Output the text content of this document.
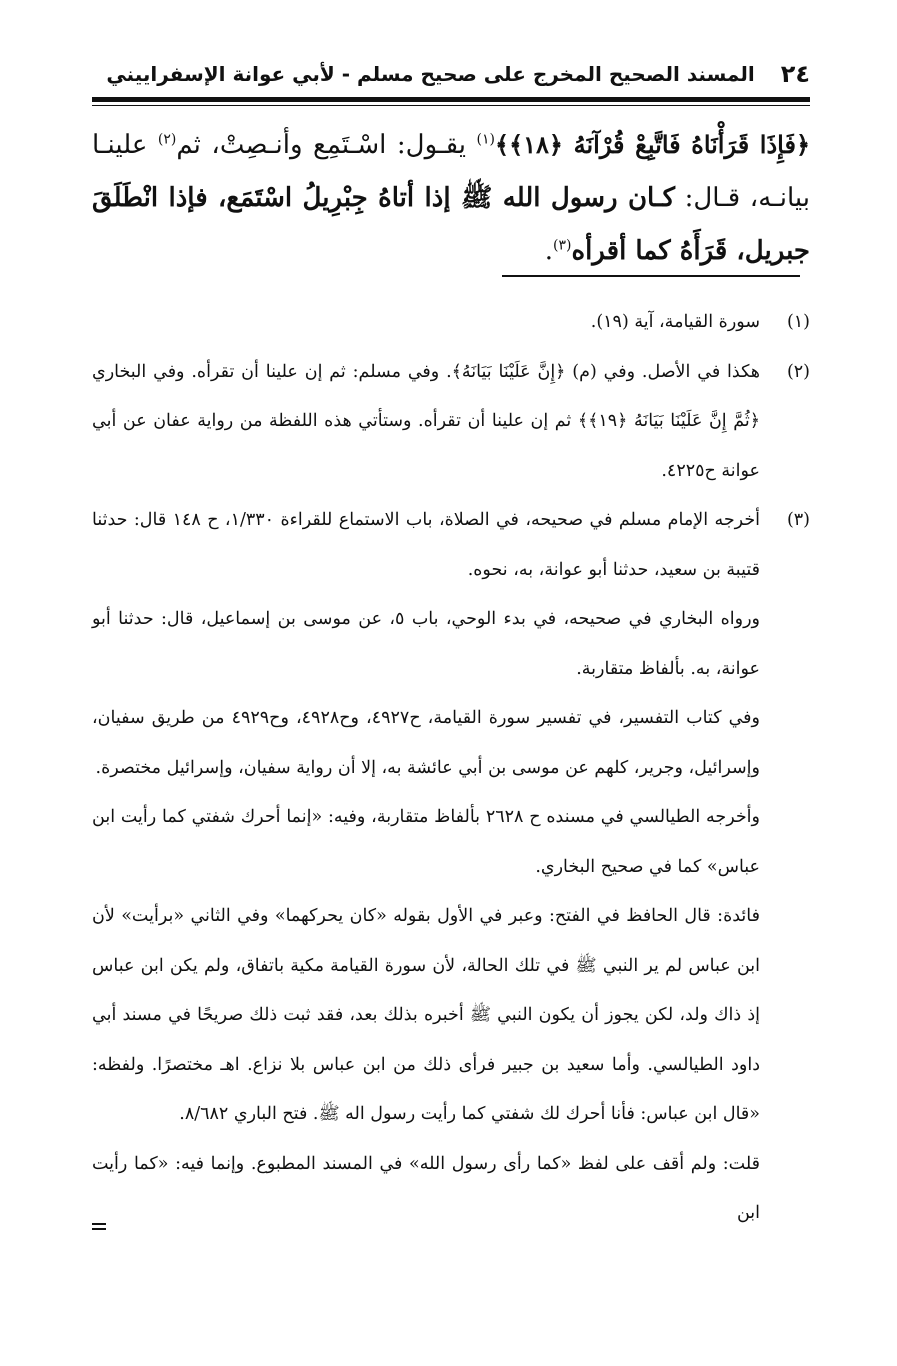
٢٤
المسند الصحيح المخرج على صحيح مسلم - لأبي عوانة الإسفراييني
﴿فَإِذَا قَرَأْنَاهُ فَاتَّبِعْ قُرْآنَهُ ﴿١٨﴾﴾$^{(١)}$ يقـول: اسْـتَمِع وأنـصِتْ، ثم$^{(٢)}$ علينـا بيانـه، قـال: كـان رسول الله ﷺ إذا أتاهُ جِبْرِيلُ اسْتَمَع، فإذا انْطَلَقَ جبريل، قَرَأَهُ كما أقرأه$^{(٣)}$.
(١)

سورة القيامة، آية (١٩).

(٢)

هكذا في الأصل. وفي (م) ﴿إِنَّ عَلَيْنَا بَيَانَهُ﴾. وفي مسلم: ثم إن علينا أن تقرأه. وفي البخاري ﴿ثُمَّ إِنَّ عَلَيْنَا بَيَانَهُ ﴿١٩﴾﴾ ثم إن علينا أن تقرأه. وستأتي هذه اللفظة من رواية عفان عن أبي عوانة ح٤٢٢٥.

(٣)

أخرجه الإمام مسلم في صحيحه، في الصلاة، باب الاستماع للقراءة ١/٣٣٠، ح ١٤٨ قال: حدثنا قتيبة بن سعيد، حدثنا أبو عوانة، به، نحوه.

ورواه البخاري في صحيحه، في بدء الوحي، باب ٥، عن موسى بن إسماعيل، قال: حدثنا أبو عوانة، به. بألفاظ متقاربة.

وفي كتاب التفسير، في تفسير سورة القيامة، ح٤٩٢٧، وح٤٩٢٨، وح٤٩٢٩ من طريق سفيان، وإسرائيل، وجرير، كلهم عن موسى بن أبي عائشة به، إلا أن رواية سفيان، وإسرائيل مختصرة.

وأخرجه الطيالسي في مسنده ح ٢٦٢٨ بألفاظ متقاربة، وفيه: «إنما أحرك شفتي كما رأيت ابن عباس» كما في صحيح البخاري.

فائدة: قال الحافظ في الفتح: وعبر في الأول بقوله «كان يحركهما» وفي الثاني «برأيت» لأن ابن عباس لم ير النبي ﷺ في تلك الحالة، لأن سورة القيامة مكية باتفاق، ولم يكن ابن عباس إذ ذاك ولد، لكن يجوز أن يكون النبي ﷺ أخبره بذلك بعد، فقد ثبت ذلك صريحًا في مسند أبي داود الطيالسي. وأما سعيد بن جبير فرأى ذلك من ابن عباس بلا نزاع. اهـ مختصرًا. ولفظه: «قال ابن عباس: فأنا أحرك لك شفتي كما رأيت رسول اله ﷺ. فتح الباري ٨/٦٨٢.

قلت: ولم أقف على لفظ «كما رأى رسول الله» في المسند المطبوع. وإنما فيه: «كما رأيت ابن
